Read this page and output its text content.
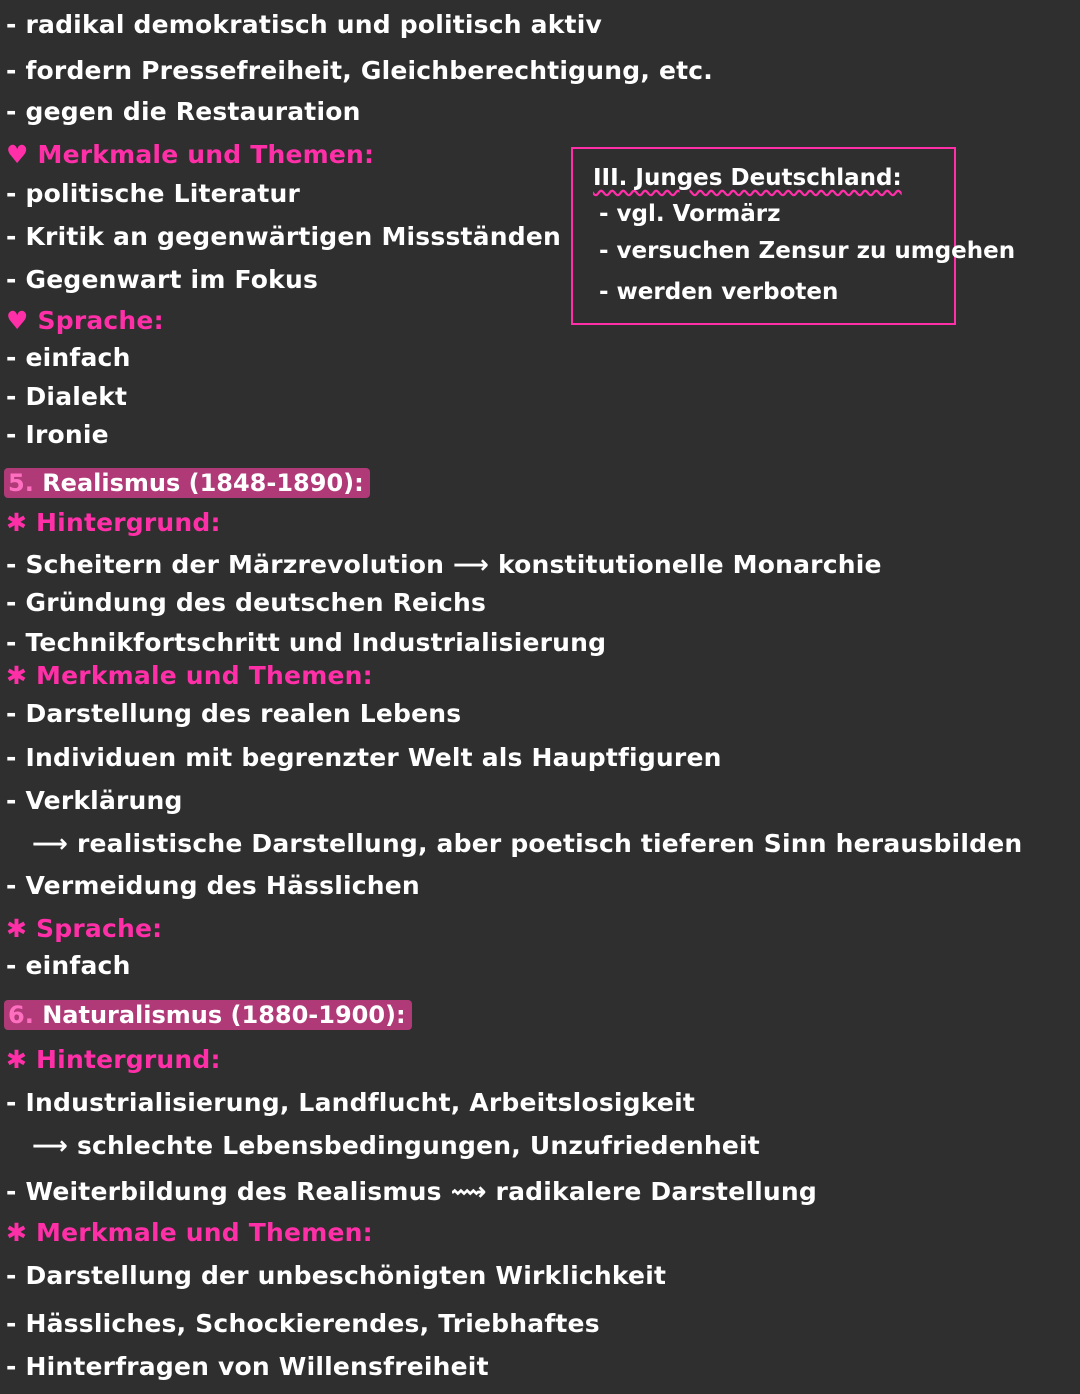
- radikal demokratisch und politisch aktiv
- fordern Pressefreiheit, Gleichberechtigung, etc.
- gegen die Restauration
♥ Merkmale und Themen:
- politische Literatur
- Kritik an gegenwärtigen Missständen
- Gegenwart im Fokus
♥ Sprache:
- einfach
- Dialekt
- Ironie
III. Junges Deutschland:
- vgl. Vormärz
- versuchen Zensur zu umgehen
- werden verboten
5. Realismus (1848-1890):
✱ Hintergrund:
- Scheitern der Märzrevolution ⟶ konstitutionelle Monarchie
- Gründung des deutschen Reichs
- Technikfortschritt und Industrialisierung
✱ Merkmale und Themen:
- Darstellung des realen Lebens
- Individuen mit begrenzter Welt als Hauptfiguren
- Verklärung
⟶ realistische Darstellung, aber poetisch tieferen Sinn herausbilden
- Vermeidung des Hässlichen
✱ Sprache:
- einfach
6. Naturalismus (1880-1900):
✱ Hintergrund:
- Industrialisierung, Landflucht, Arbeitslosigkeit
⟶ schlechte Lebensbedingungen, Unzufriedenheit
- Weiterbildung des Realismus ⟿ radikalere Darstellung
✱ Merkmale und Themen:
- Darstellung der unbeschönigten Wirklichkeit
- Hässliches, Schockierendes, Triebhaftes
- Hinterfragen von Willensfreiheit
